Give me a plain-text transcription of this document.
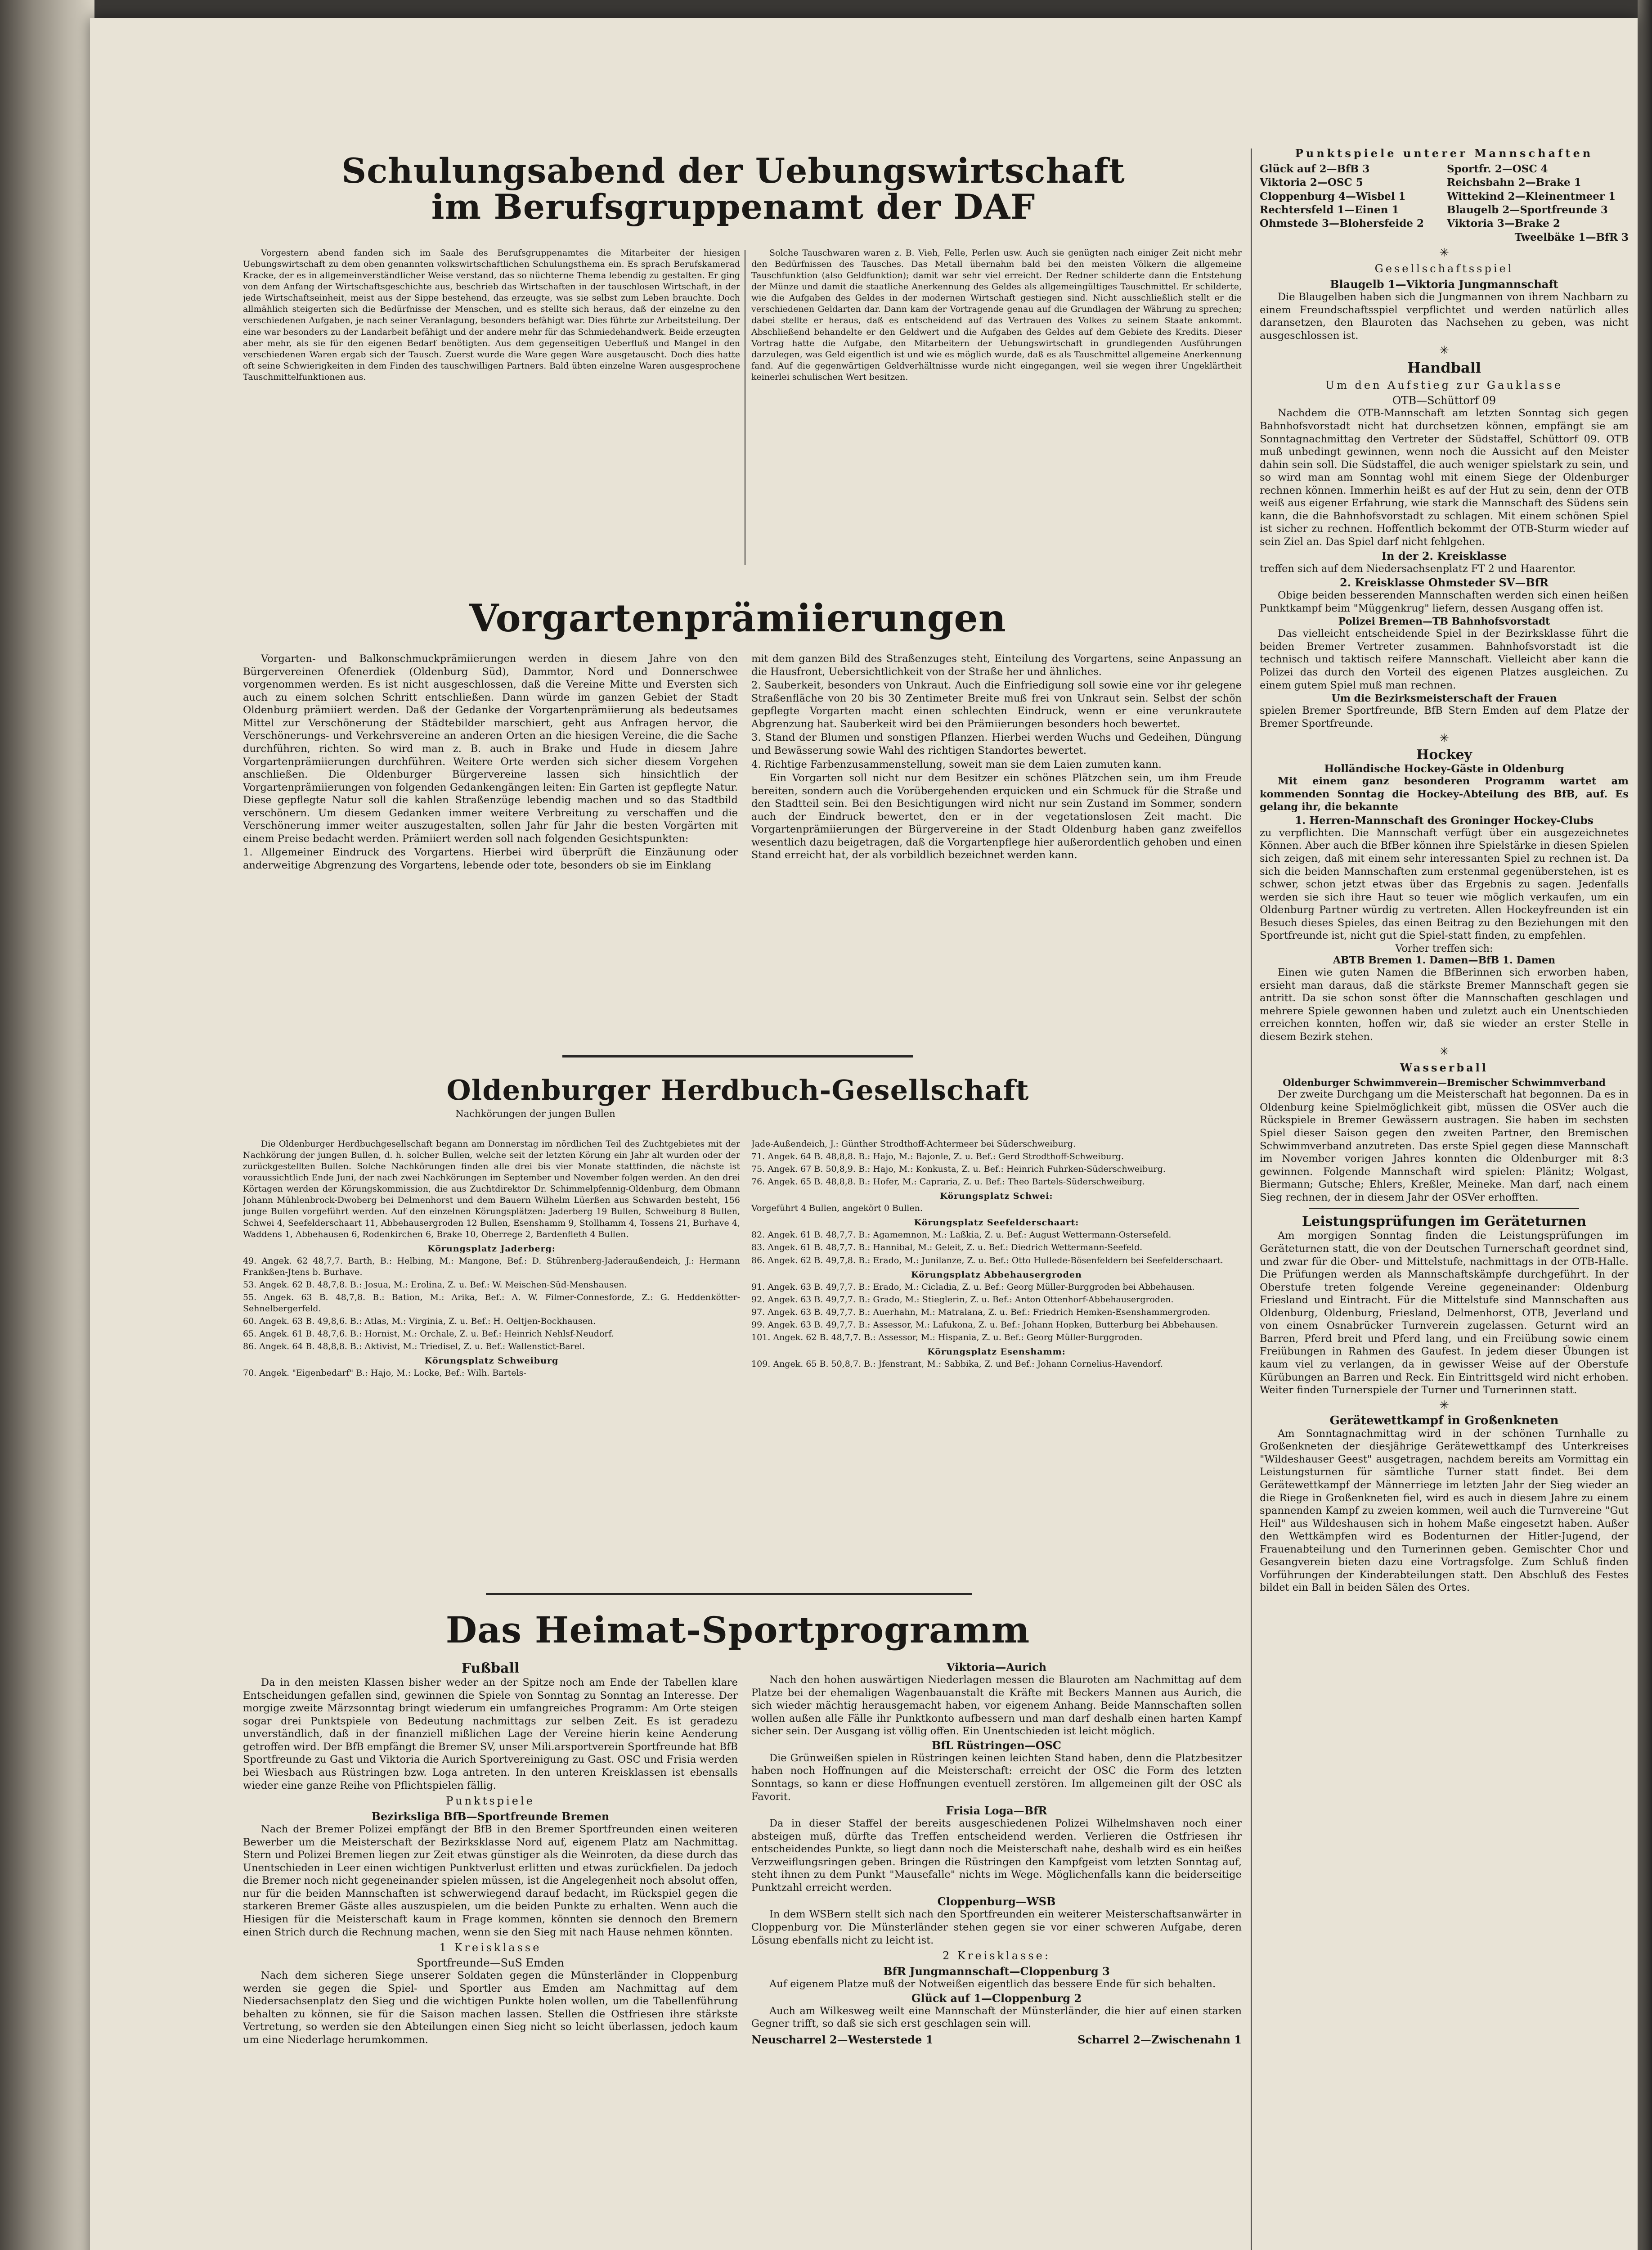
Schulungsabend der Uebungswirtschaft
im Berufsgruppenamt der DAF

Vorgestern abend fanden sich im Saale des Berufsgruppenamtes die Mitarbeiter der hiesigen Uebungswirtschaft zu dem oben genannten volkswirtschaftlichen Schulungsthema ein. Es sprach Berufskamerad Kracke, der es in allgemeinverständlicher Weise verstand, das so nüchterne Thema lebendig zu gestalten. Er ging von dem Anfang der Wirtschaftsgeschichte aus, beschrieb das Wirtschaften in der tauschlosen Wirtschaft, in der jede Wirtschaftseinheit, meist aus der Sippe bestehend, das erzeugte, was sie selbst zum Leben brauchte. Doch allmählich steigerten sich die Bedürfnisse der Menschen, und es stellte sich heraus, daß der einzelne zu den verschiedenen Aufgaben, je nach seiner Veranlagung, besonders befähigt war. Dies führte zur Arbeitsteilung. Der eine war besonders zu der Landarbeit befähigt und der andere mehr für das Schmiedehandwerk. Beide erzeugten aber mehr, als sie für den eigenen Bedarf benötigten. Aus dem gegenseitigen Ueberfluß und Mangel in den verschiedenen Waren ergab sich der Tausch. Zuerst wurde die Ware gegen Ware ausgetauscht. Doch dies hatte oft seine Schwierigkeiten in dem Finden des tauschwilligen Partners. Bald übten einzelne Waren ausgesprochene Tauschmittelfunktionen aus.

Solche Tauschwaren waren z. B. Vieh, Felle, Perlen usw. Auch sie genügten nach einiger Zeit nicht mehr den Bedürfnissen des Tausches. Das Metall übernahm bald bei den meisten Völkern die allgemeine Tauschfunktion (also Geldfunktion); damit war sehr viel erreicht. Der Redner schilderte dann die Entstehung der Münze und damit die staatliche Anerkennung des Geldes als allgemeingültiges Tauschmittel. Er schilderte, wie die Aufgaben des Geldes in der modernen Wirtschaft gestiegen sind. Nicht ausschließlich stellt er die verschiedenen Geldarten dar. Dann kam der Vortragende genau auf die Grundlagen der Währung zu sprechen; dabei stellte er heraus, daß es entscheidend auf das Vertrauen des Volkes zu seinem Staate ankommt. Abschließend behandelte er den Geldwert und die Aufgaben des Geldes auf dem Gebiete des Kredits. Dieser Vortrag hatte die Aufgabe, den Mitarbeitern der Uebungswirtschaft in grundlegenden Ausführungen darzulegen, was Geld eigentlich ist und wie es möglich wurde, daß es als Tauschmittel allgemeine Anerkennung fand. Auf die gegenwärtigen Geldverhältnisse wurde nicht eingegangen, weil sie wegen ihrer Ungeklärtheit keinerlei schulischen Wert besitzen.

Vorgartenprämiierungen

Vorgarten- und Balkonschmuckprämiierungen werden in diesem Jahre von den Bürgervereinen Ofenerdiek (Oldenburg Süd), Dammtor, Nord und Donnerschwee vorgenommen werden. Es ist nicht ausgeschlossen, daß die Vereine Mitte und Eversten sich auch zu einem solchen Schritt entschließen. Dann würde im ganzen Gebiet der Stadt Oldenburg prämiiert werden. Daß der Gedanke der Vorgartenprämiierung als bedeutsames Mittel zur Verschönerung der Städtebilder marschiert, geht aus Anfragen hervor, die Verschönerungs- und Verkehrsvereine an anderen Orten an die hiesigen Vereine, die die Sache durchführen, richten. So wird man z. B. auch in Brake und Hude in diesem Jahre Vorgartenprämiierungen durchführen. Weitere Orte werden sich sicher diesem Vorgehen anschließen. Die Oldenburger Bürgervereine lassen sich hinsichtlich der Vorgartenprämiierungen von folgenden Gedankengängen leiten: Ein Garten ist gepflegte Natur. Diese gepflegte Natur soll die kahlen Straßenzüge lebendig machen und so das Stadtbild verschönern. Um diesem Gedanken immer weitere Verbreitung zu verschaffen und die Verschönerung immer weiter auszugestalten, sollen Jahr für Jahr die besten Vorgärten mit einem Preise bedacht werden. Prämiiert werden soll nach folgenden Gesichtspunkten:

1. Allgemeiner Eindruck des Vorgartens. Hierbei wird überprüft die Einzäunung oder anderweitige Abgrenzung des Vorgartens, lebende oder tote, besonders ob sie im Einklang

mit dem ganzen Bild des Straßenzuges steht, Einteilung des Vorgartens, seine Anpassung an die Hausfront, Uebersichtlichkeit von der Straße her und ähnliches.

2. Sauberkeit, besonders von Unkraut. Auch die Einfriedigung soll sowie eine vor ihr gelegene Straßenfläche von 20 bis 30 Zentimeter Breite muß frei von Unkraut sein. Selbst der schön gepflegte Vorgarten macht einen schlechten Eindruck, wenn er eine verunkrautete Abgrenzung hat. Sauberkeit wird bei den Prämiierungen besonders hoch bewertet.

3. Stand der Blumen und sonstigen Pflanzen. Hierbei werden Wuchs und Gedeihen, Düngung und Bewässerung sowie Wahl des richtigen Standortes bewertet.

4. Richtige Farbenzusammenstellung, soweit man sie dem Laien zumuten kann.

Ein Vorgarten soll nicht nur dem Besitzer ein schönes Plätzchen sein, um ihm Freude bereiten, sondern auch die Vorübergehenden erquicken und ein Schmuck für die Straße und den Stadtteil sein. Bei den Besichtigungen wird nicht nur sein Zustand im Sommer, sondern auch der Eindruck bewertet, den er in der vegetationslosen Zeit macht. Die Vorgartenprämiierungen der Bürgervereine in der Stadt Oldenburg haben ganz zweifellos wesentlich dazu beigetragen, daß die Vorgartenpflege hier außerordentlich gehoben und einen Stand erreicht hat, der als vorbildlich bezeichnet werden kann.

Oldenburger Herdbuch-Gesellschaft
Nachkörungen der jungen Bullen

Die Oldenburger Herdbuchgesellschaft begann am Donnerstag im nördlichen Teil des Zuchtgebietes mit der Nachkörung der jungen Bullen, d. h. solcher Bullen, welche seit der letzten Körung ein Jahr alt wurden oder der zurückgestellten Bullen. Solche Nachkörungen finden alle drei bis vier Monate stattfinden, die nächste ist voraussichtlich Ende Juni, der nach zwei Nachkörungen im September und November folgen werden. An den drei Körtagen werden der Körungskommission, die aus Zuchtdirektor Dr. Schimmelpfennig-Oldenburg, dem Obmann Johann Mühlenbrock-Dwoberg bei Delmenhorst und dem Bauern Wilhelm Lüerßen aus Schwarden besteht, 156 junge Bullen vorgeführt werden. Auf den einzelnen Körungsplätzen: Jaderberg 19 Bullen, Schweiburg 8 Bullen, Schwei 4, Seefelderschaart 11, Abbehausergroden 12 Bullen, Esenshamm 9, Stollhamm 4, Tossens 21, Burhave 4, Waddens 1, Abbehausen 6, Rodenkirchen 6, Brake 10, Oberrege 2, Bardenfleth 4 Bullen.

Körungsplatz Jaderberg:
49. Angek. 62 48,7,7. Barth, B.: Helbing, M.: Mangone, Bef.: D. Stührenberg-Jaderaußendeich, J.: Hermann Frankßen-Jtens b. Burhave.
53. Angek. 62 B. 48,7,8. B.: Josua, M.: Erolina, Z. u. Bef.: W. Meischen-Süd-Menshausen.
55. Angek. 63 B. 48,7,8. B.: Bation, M.: Arika, Bef.: A. W. Filmer-Connesforde, Z.: G. Heddenkötter-Sehnelbergerfeld.
60. Angek. 63 B. 49,8,6. B.: Atlas, M.: Virginia, Z. u. Bef.: H. Oeltjen-Bockhausen.
65. Angek. 61 B. 48,7,6. B.: Hornist, M.: Orchale, Z. u. Bef.: Heinrich Nehlsf-Neudorf.
86. Angek. 64 B. 48,8,8. B.: Aktivist, M.: Triedisel, Z. u. Bef.: Wallenstict-Barel.
Körungsplatz Schweiburg
70. Angek. "Eigenbedarf" B.: Hajo, M.: Locke, Bef.: Wilh. Bartels-
Jade-Außendeich, J.: Günther Strodthoff-Achtermeer bei Süderschweiburg.
71. Angek. 64 B. 48,8,8. B.: Hajo, M.: Bajonle, Z. u. Bef.: Gerd Strodthoff-Schweiburg.
75. Angek. 67 B. 50,8,9. B.: Hajo, M.: Konkusta, Z. u. Bef.: Heinrich Fuhrken-Süderschweiburg.
76. Angek. 65 B. 48,8,8. B.: Hofer, M.: Capraria, Z. u. Bef.: Theo Bartels-Süderschweiburg.
Körungsplatz Schwei:
Vorgeführt 4 Bullen, angekört 0 Bullen.
Körungsplatz Seefelderschaart:
82. Angek. 61 B. 48,7,7. B.: Agamemnon, M.: Laßkia, Z. u. Bef.: August Wettermann-Ostersefeld.
83. Angek. 61 B. 48,7,7. B.: Hannibal, M.: Geleit, Z. u. Bef.: Diedrich Wettermann-Seefeld.
86. Angek. 62 B. 49,7,8. B.: Erado, M.: Junilanze, Z. u. Bef.: Otto Hullede-Bösenfeldern bei Seefelderschaart.
Körungsplatz Abbehausergroden
91. Angek. 63 B. 49,7,7. B.: Erado, M.: Cicladia, Z. u. Bef.: Georg Müller-Burggroden bei Abbehausen.
92. Angek. 63 B. 49,7,7. B.: Grado, M.: Stieglerin, Z. u. Bef.: Anton Ottenhorf-Abbehausergroden.
97. Angek. 63 B. 49,7,7. B.: Auerhahn, M.: Matralana, Z. u. Bef.: Friedrich Hemken-Esenshammergroden.
99. Angek. 63 B. 49,7,7. B.: Assessor, M.: Lafukona, Z. u. Bef.: Johann Hopken, Butterburg bei Abbehausen.
101. Angek. 62 B. 48,7,7. B.: Assessor, M.: Hispania, Z. u. Bef.: Georg Müller-Burggroden.
Körungsplatz Esenshamm:
109. Angek. 65 B. 50,8,7. B.: Jfenstrant, M.: Sabbika, Z. und Bef.: Johann Cornelius-Havendorf.
Das Heimat-Sportprogramm
Fußball

Da in den meisten Klassen bisher weder an der Spitze noch am Ende der Tabellen klare Entscheidungen gefallen sind, gewinnen die Spiele von Sonntag zu Sonntag an Interesse. Der morgige zweite Märzsonntag bringt wiederum ein umfangreiches Programm: Am Orte steigen sogar drei Punktspiele von Bedeutung nachmittags zur selben Zeit. Es ist geradezu unverständlich, daß in der finanziell mißlichen Lage der Vereine hierin keine Aenderung getroffen wird. Der BfB empfängt die Bremer SV, unser Mili.arsportverein Sportfreunde hat BfB Sportfreunde zu Gast und Viktoria die Aurich Sportvereinigung zu Gast. OSC und Frisia werden bei Wiesbach aus Rüstringen bzw. Loga antreten. In den unteren Kreisklassen ist ebensalls wieder eine ganze Reihe von Pflichtspielen fällig.

Punktspiele
Bezirksliga BfB—Sportfreunde Bremen

Nach der Bremer Polizei empfängt der BfB in den Bremer Sportfreunden einen weiteren Bewerber um die Meisterschaft der Bezirksklasse Nord auf, eigenem Platz am Nachmittag. Stern und Polizei Bremen liegen zur Zeit etwas günstiger als die Weinroten, da diese durch das Unentschieden in Leer einen wichtigen Punktverlust erlitten und etwas zurückfielen. Da jedoch die Bremer noch nicht gegeneinander spielen müssen, ist die Angelegenheit noch absolut offen, nur für die beiden Mannschaften ist schwerwiegend darauf bedacht, im Rückspiel gegen die starkeren Bremer Gäste alles auszuspielen, um die beiden Punkte zu erhalten. Wenn auch die Hiesigen für die Meisterschaft kaum in Frage kommen, könnten sie dennoch den Bremern einen Strich durch die Rechnung machen, wenn sie den Sieg mit nach Hause nehmen könnten.

1 Kreisklasse
Sportfreunde—SuS Emden

Nach dem sicheren Siege unserer Soldaten gegen die Münsterländer in Cloppenburg werden sie gegen die Spiel- und Sportler aus Emden am Nachmittag auf dem Niedersachsenplatz den Sieg und die wichtigen Punkte holen wollen, um die Tabellenführung behalten zu können, sie für die Saison machen lassen. Stellen die Ostfriesen ihre stärkste Vertretung, so werden sie den Abteilungen einen Sieg nicht so leicht überlassen, jedoch kaum um eine Niederlage herumkommen.

Viktoria—Aurich

Nach den hohen auswärtigen Niederlagen messen die Blauroten am Nachmittag auf dem Platze bei der ehemaligen Wagenbauanstalt die Kräfte mit Beckers Mannen aus Aurich, die sich wieder mächtig herausgemacht haben, vor eigenem Anhang. Beide Mannschaften sollen wollen außen alle Fälle ihr Punktkonto aufbessern und man darf deshalb einen harten Kampf sicher sein. Der Ausgang ist völlig offen. Ein Unentschieden ist leicht möglich.

BfL Rüstringen—OSC

Die Grünweißen spielen in Rüstringen keinen leichten Stand haben, denn die Platzbesitzer haben noch Hoffnungen auf die Meisterschaft: erreicht der OSC die Form des letzten Sonntags, so kann er diese Hoffnungen eventuell zerstören. Im allgemeinen gilt der OSC als Favorit.

Frisia Loga—BfR

Da in dieser Staffel der bereits ausgeschiedenen Polizei Wilhelmshaven noch einer absteigen muß, dürfte das Treffen entscheidend werden. Verlieren die Ostfriesen ihr entscheidendes Punkte, so liegt dann noch die Meisterschaft nahe, deshalb wird es ein heißes Verzweiflungsringen geben. Bringen die Rüstringen den Kampfgeist vom letzten Sonntag auf, steht ihnen zu dem Punkt "Mausefalle" nichts im Wege. Möglichenfalls kann die beiderseitige Punktzahl erreicht werden.

Cloppenburg—WSB

In dem WSBern stellt sich nach den Sportfreunden ein weiterer Meisterschaftsanwärter in Cloppenburg vor. Die Münsterländer stehen gegen sie vor einer schweren Aufgabe, deren Lösung ebenfalls nicht zu leicht ist.

2 Kreisklasse:
BfR Jungmannschaft—Cloppenburg 3

Auf eigenem Platze muß der Notweißen eigentlich das bessere Ende für sich behalten.

Glück auf 1—Cloppenburg 2

Auch am Wilkesweg weilt eine Mannschaft der Münsterländer, die hier auf einen starken Gegner trifft, so daß sie sich erst geschlagen sein will.

Neuscharrel 2—Westerstede 1	Scharrel 2—Zwischenahn 1
Punktspiele unterer Mannschaften
Glück auf 2—BfB 3
Viktoria 2—OSC 5
Cloppenburg 4—Wisbel 1
Rechtersfeld 1—Einen 1
Ohmstede 3—Blohersfeide 2
Sportfr. 2—OSC 4
Reichsbahn 2—Brake 1
Wittekind 2—Kleinentmeer 1
Blaugelb 2—Sportfreunde 3
Viktoria 3—Brake 2
Tweelbäke 1—BfR 3
✳
Gesellschaftsspiel
Blaugelb 1—Viktoria Jungmannschaft

Die Blaugelben haben sich die Jungmannen von ihrem Nachbarn zu einem Freundschaftsspiel verpflichtet und werden natürlich alles daransetzen, den Blauroten das Nachsehen zu geben, was nicht ausgeschlossen ist.

✳
Handball
Um den Aufstieg zur Gauklasse
OTB—Schüttorf 09

Nachdem die OTB-Mannschaft am letzten Sonntag sich gegen Bahnhofsvorstadt nicht hat durchsetzen können, empfängt sie am Sonntagnachmittag den Vertreter der Südstaffel, Schüttorf 09. OTB muß unbedingt gewinnen, wenn noch die Aussicht auf den Meister dahin sein soll. Die Südstaffel, die auch weniger spielstark zu sein, und so wird man am Sonntag wohl mit einem Siege der Oldenburger rechnen können. Immerhin heißt es auf der Hut zu sein, denn der OTB weiß aus eigener Erfahrung, wie stark die Mannschaft des Südens sein kann, die die Bahnhofsvorstadt zu schlagen. Mit einem schönen Spiel ist sicher zu rechnen. Hoffentlich bekommt der OTB-Sturm wieder auf sein Ziel an. Das Spiel darf nicht fehlgehen.

In der 2. Kreisklasse

treffen sich auf dem Niedersachsenplatz FT 2 und Haarentor.

2. Kreisklasse Ohmsteder SV—BfR

Obige beiden besserenden Mannschaften werden sich einen heißen Punktkampf beim "Müggenkrug" liefern, dessen Ausgang offen ist.

Polizei Bremen—TB Bahnhofsvorstadt

Das vielleicht entscheidende Spiel in der Bezirksklasse führt die beiden Bremer Vertreter zusammen. Bahnhofsvorstadt ist die technisch und taktisch reifere Mannschaft. Vielleicht aber kann die Polizei das durch den Vorteil des eigenen Platzes ausgleichen. Zu einem gutem Spiel muß man rechnen.

Um die Bezirksmeisterschaft der Frauen

spielen Bremer Sportfreunde, BfB Stern Emden auf dem Platze der Bremer Sportfreunde.

✳
Hockey
Holländische Hockey-Gäste in Oldenburg

Mit einem ganz besonderen Programm wartet am kommenden Sonntag die Hockey-Abteilung des BfB, auf. Es gelang ihr, die bekannte

1. Herren-Mannschaft des Groninger Hockey-Clubs

zu verpflichten. Die Mannschaft verfügt über ein ausgezeichnetes Können. Aber auch die BfBer können ihre Spielstärke in diesen Spielen sich zeigen, daß mit einem sehr interessanten Spiel zu rechnen ist. Da sich die beiden Mannschaften zum erstenmal gegenüberstehen, ist es schwer, schon jetzt etwas über das Ergebnis zu sagen. Jedenfalls werden sie sich ihre Haut so teuer wie möglich verkaufen, um ein Oldenburg Partner würdig zu vertreten. Allen Hockeyfreunden ist ein Besuch dieses Spieles, das einen Beitrag zu den Beziehungen mit den Sportfreunde ist, nicht gut die Spiel-statt finden, zu empfehlen.

Vorher treffen sich:
ABTB Bremen 1. Damen—BfB 1. Damen

Einen wie guten Namen die BfBerinnen sich erworben haben, ersieht man daraus, daß die stärkste Bremer Mannschaft gegen sie antritt. Da sie schon sonst öfter die Mannschaften geschlagen und mehrere Spiele gewonnen haben und zuletzt auch ein Unentschieden erreichen konnten, hoffen wir, daß sie wieder an erster Stelle in diesem Bezirk stehen.

✳
Wasserball
Oldenburger Schwimmverein—Bremischer Schwimmverband

Der zweite Durchgang um die Meisterschaft hat begonnen. Da es in Oldenburg keine Spielmöglichkeit gibt, müssen die OSVer auch die Rückspiele in Bremer Gewässern austragen. Sie haben im sechsten Spiel dieser Saison gegen den zweiten Partner, den Bremischen Schwimmverband anzutreten. Das erste Spiel gegen diese Mannschaft im November vorigen Jahres konnten die Oldenburger mit 8:3 gewinnen. Folgende Mannschaft wird spielen: Plänitz; Wolgast, Biermann; Gutsche; Ehlers, Kreßler, Meineke. Man darf, nach einem Sieg rechnen, der in diesem Jahr der OSVer erhofften.

Leistungsprüfungen im Geräteturnen

Am morgigen Sonntag finden die Leistungsprüfungen im Geräteturnen statt, die von der Deutschen Turnerschaft geordnet sind, und zwar für die Ober- und Mittelstufe, nachmittags in der OTB-Halle. Die Prüfungen werden als Mannschaftskämpfe durchgeführt. In der Oberstufe treten folgende Vereine gegeneinander: Oldenburg Friesland und Eintracht. Für die Mittelstufe sind Mannschaften aus Oldenburg, Oldenburg, Friesland, Delmenhorst, OTB, Jeverland und von einem Osnabrücker Turnverein zugelassen. Geturnt wird an Barren, Pferd breit und Pferd lang, und ein Freiübung sowie einem Freiübungen in Rahmen des Gaufest. In jedem dieser Übungen ist kaum viel zu verlangen, da in gewisser Weise auf der Oberstufe Kürübungen an Barren und Reck. Ein Eintrittsgeld wird nicht erhoben. Weiter finden Turnerspiele der Turner und Turnerinnen statt.

✳
Gerätewettkampf in Großenkneten

Am Sonntagnachmittag wird in der schönen Turnhalle zu Großenkneten der diesjährige Gerätewettkampf des Unterkreises "Wildeshauser Geest" ausgetragen, nachdem bereits am Vormittag ein Leistungsturnen für sämtliche Turner statt findet. Bei dem Gerätewettkampf der Männerriege im letzten Jahr der Sieg wieder an die Riege in Großenkneten fiel, wird es auch in diesem Jahre zu einem spannenden Kampf zu zweien kommen, weil auch die Turnvereine "Gut Heil" aus Wildeshausen sich in hohem Maße eingesetzt haben. Außer den Wettkämpfen wird es Bodenturnen der Hitler-Jugend, der Frauenabteilung und den Turnerinnen geben. Gemischter Chor und Gesangverein bieten dazu eine Vortragsfolge. Zum Schluß finden Vorführungen der Kinderabteilungen statt. Den Abschluß des Festes bildet ein Ball in beiden Sälen des Ortes.
